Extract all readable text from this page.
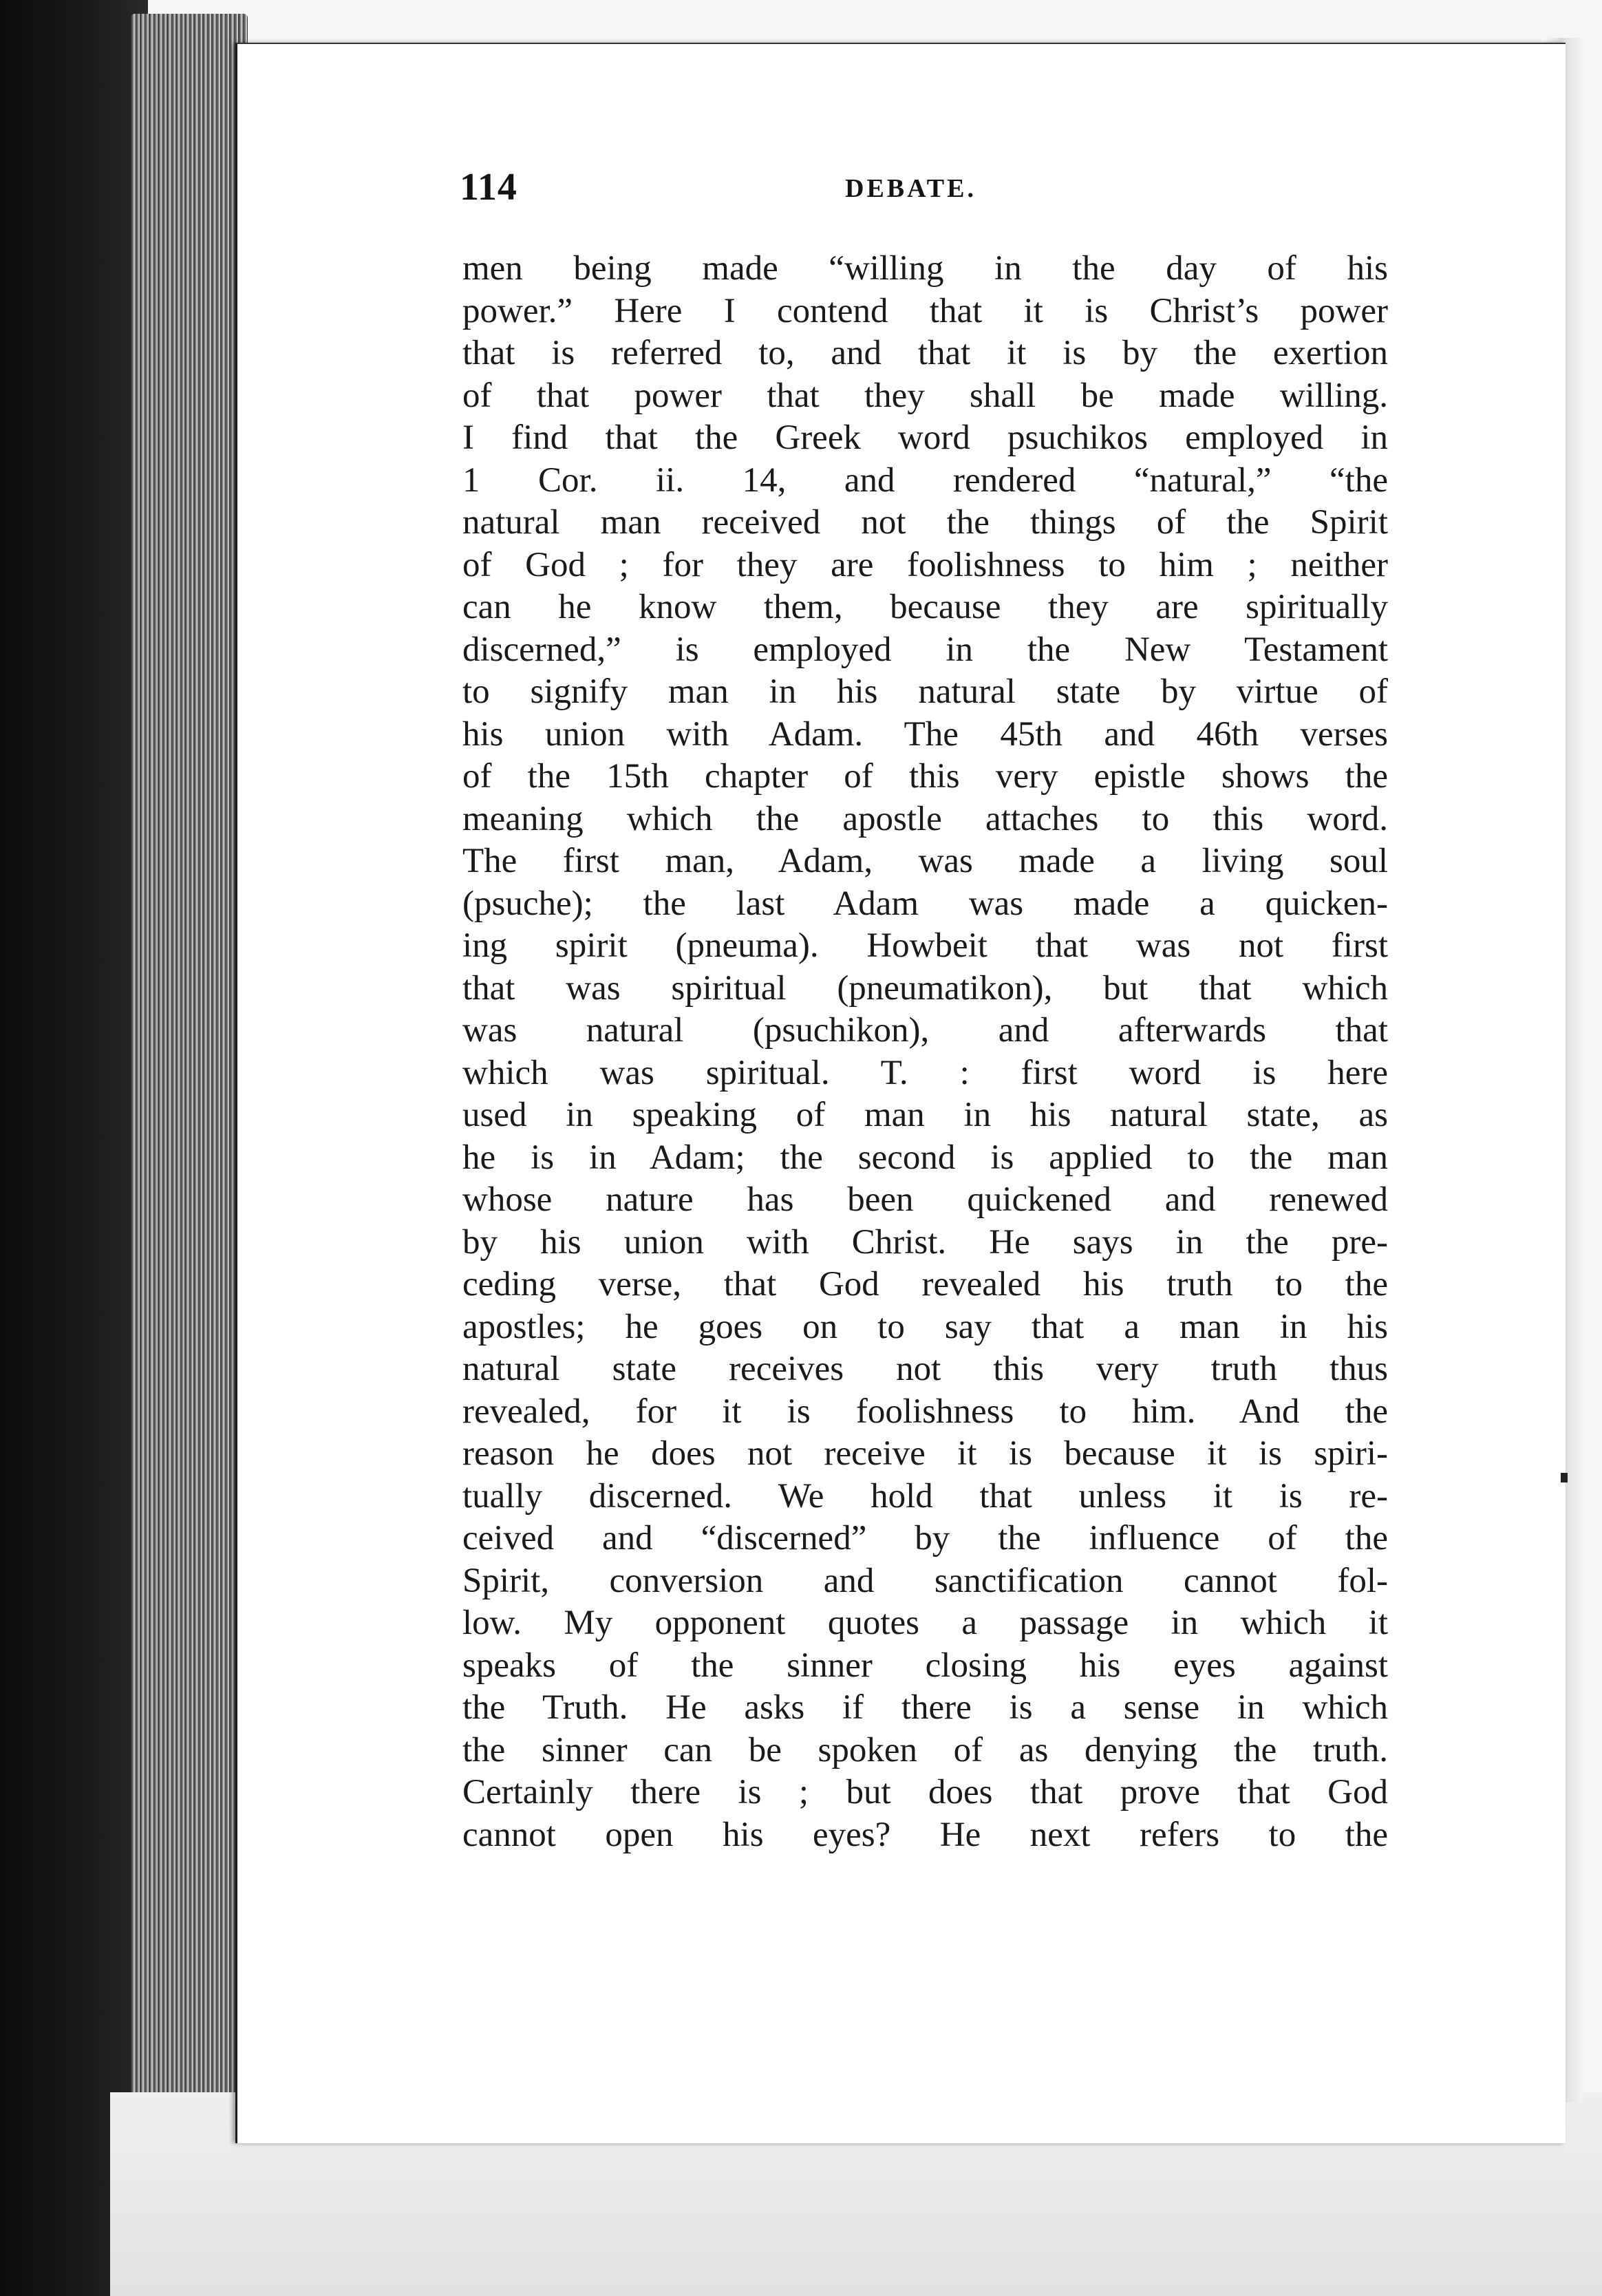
114	DEBATE.
men being made “willing in the day of his
power.” Here I contend that it is Christ’s power
that is referred to, and that it is by the exertion
of that power that they shall be made willing.
I find that the Greek word psuchikos employed in
1 Cor. ii. 14, and rendered “natural,” “the
natural man received not the things of the Spirit
of God ; for they are foolishness to him ; neither
can he know them, because they are spiritually
discerned,” is employed in the New Testament
to signify man in his natural state by virtue of
his union with Adam. The 45th and 46th verses
of the 15th chapter of this very epistle shows the
meaning which the apostle attaches to this word.
The first man, Adam, was made a living soul
(psuche); the last Adam was made a quicken-
ing spirit (pneuma). Howbeit that was not first
that was spiritual (pneumatikon), but that which
was natural (psuchikon), and afterwards that
which was spiritual. T. : first word is here
used in speaking of man in his natural state, as
he is in Adam; the second is applied to the man
whose nature has been quickened and renewed
by his union with Christ. He says in the pre-
ceding verse, that God revealed his truth to the
apostles; he goes on to say that a man in his
natural state receives not this very truth thus
revealed, for it is foolishness to him. And the
reason he does not receive it is because it is spiri-
tually discerned. We hold that unless it is re-
ceived and “discerned” by the influence of the
Spirit, conversion and sanctification cannot fol-
low. My opponent quotes a passage in which it
speaks of the sinner closing his eyes against
the Truth. He asks if there is a sense in which
the sinner can be spoken of as denying the truth.
Certainly there is ; but does that prove that God
cannot open his eyes? He next refers to the
